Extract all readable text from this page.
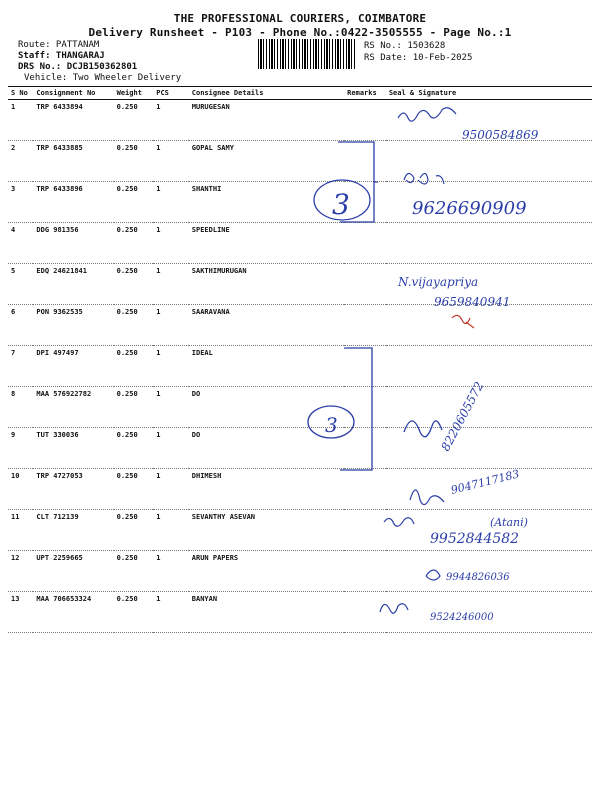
THE PROFESSIONAL COURIERS, COIMBATORE
Delivery Runsheet - P103 - Phone No.:0422-3505555 - Page No.:1
Route: PATTANAM
Staff: THANGARAJ
DRS No.: DCJB150362801
Vehicle: Two Wheeler Delivery
RS No.: 1503628
RS Date: 10-Feb-2025
S No	Consignment No	Weight	PCS	Consignee Details	Remarks	Seal & Signature
1	TRP 6433894	0.250	1	MURUGESAN		
2	TRP 6433885	0.250	1	GOPAL SAMY		
3	TRP 6433896	0.250	1	SHANTHI		
4	DDG 981356	0.250	1	SPEEDLINE		
5	EDQ 24621841	0.250	1	SAKTHIMURUGAN		
6	PON 9362535	0.250	1	SAARAVANA		
7	DPI 497497	0.250	1	IDEAL		
8	MAA 576922782	0.250	1	DO		
9	TUT 330036	0.250	1	DO		
10	TRP 4727053	0.250	1	DHIMESH		
11	CLT 712139	0.250	1	SEVANTHY ASEVAN		
12	UPT 2259665	0.250	1	ARUN PAPERS		
13	MAA 706653324	0.250	1	BANYAN		
3
3
9500584869
9626690909
N.vijayapriya
9659840941
8220605572
9047117183
(Atani)
9952844582
9944826036
9524246000
